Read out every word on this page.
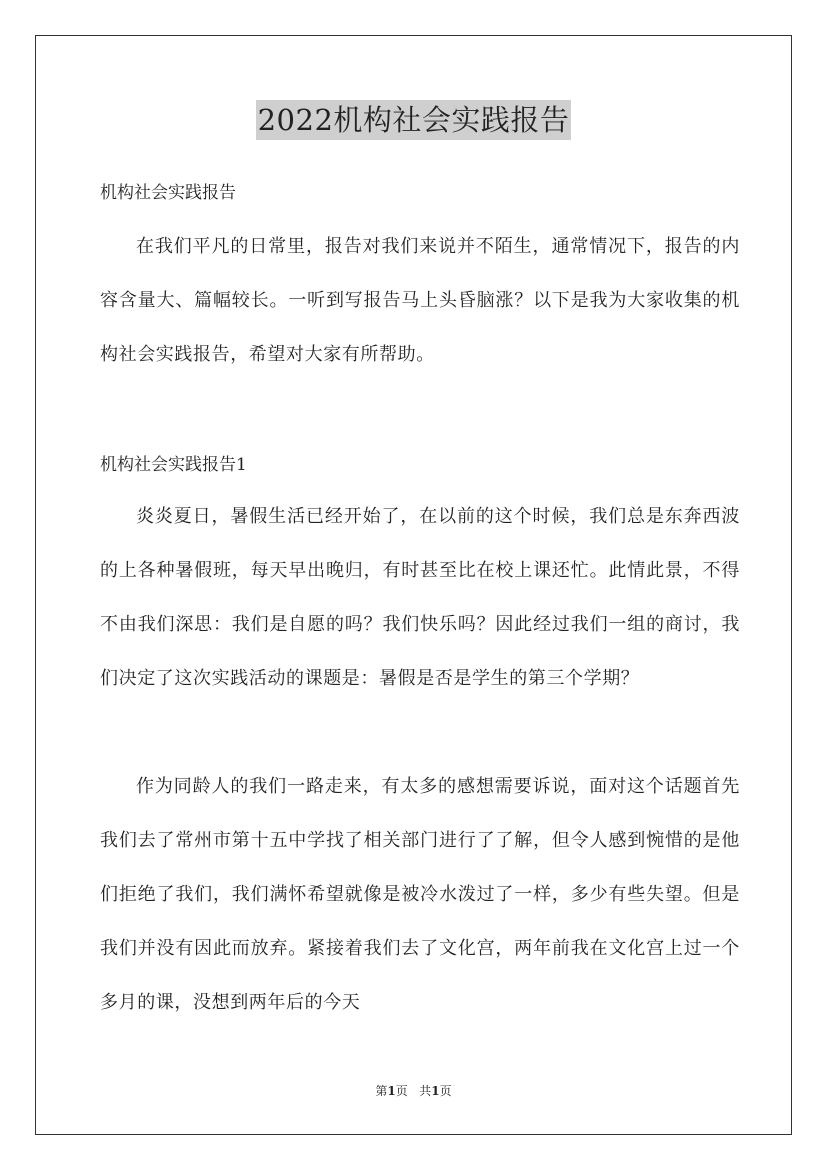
2022机构社会实践报告
机构社会实践报告

在我们平凡的日常里，报告对我们来说并不陌生，通常情况下，报告的内容含量大、篇幅较长。一听到写报告马上头昏脑涨？以下是我为大家收集的机构社会实践报告，希望对大家有所帮助。

机构社会实践报告1

炎炎夏日，暑假生活已经开始了，在以前的这个时候，我们总是东奔西波的上各种暑假班，每天早出晚归，有时甚至比在校上课还忙。此情此景，不得不由我们深思：我们是自愿的吗？我们快乐吗？因此经过我们一组的商讨，我们决定了这次实践活动的课题是：暑假是否是学生的第三个学期？

作为同龄人的我们一路走来，有太多的感想需要诉说，面对这个话题首先我们去了常州市第十五中学找了相关部门进行了了解，但令人感到惋惜的是他们拒绝了我们，我们满怀希望就像是被冷水泼过了一样，多少有些失望。但是我们并没有因此而放弃。紧接着我们去了文化宫，两年前我在文化宫上过一个多月的课，没想到两年后的今天

第1页 共1页
